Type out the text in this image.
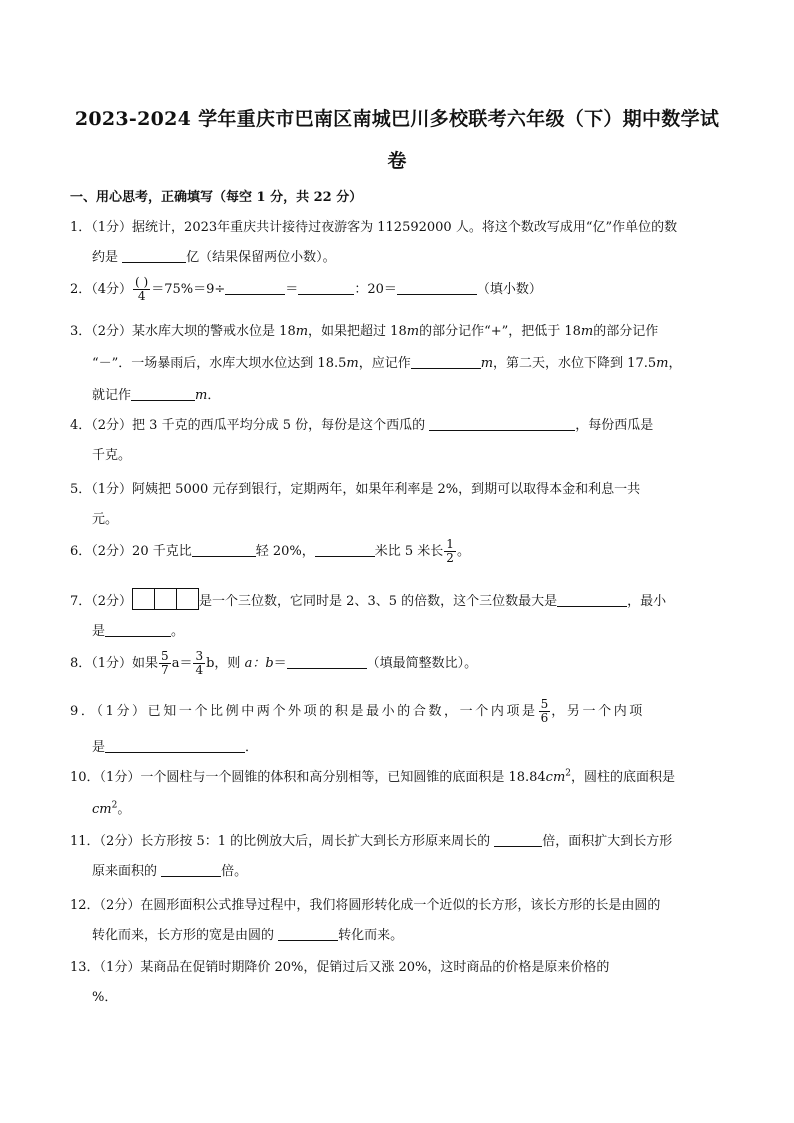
2023-2024 学年重庆市巴南区南城巴川多校联考六年级（下）期中数学试
卷
一、用心思考，正确填写（每空 1 分，共 22 分）
1．（1分）据统计，2023年重庆共计接待过夜游客为 112592000 人。将这个数改写成用“亿”作单位的数
约是	亿（结果保留两位小数）。
2．（4分） $\frac{( )}{4} =75\%=9\div$	＝	：20＝	（填小数）
3．（2分）某水库大坝的警戒水位是 18m，如果把超过 18m的部分记作“+”，把低于 18m的部分记作
“－”．一场暴雨后，水库大坝水位达到 18.5m，应记作	m，第二天，水位下降到 17.5m，
就记作	m．
4．（2分）把 3 千克的西瓜平均分成 5 份，每份是这个西瓜的	，每份西瓜是
千克。
5．（1分）阿姨把 5000 元存到银行，定期两年，如果年利率是 2%，到期可以取得本金和利息一共
元。
6．（2分）20 千克比	轻 20%，	米比 5 米长 $\frac{1}{2}$ 。
7．（2分）	是一个三位数，它同时是 2、3、5 的倍数，这个三位数最大是	，最小
是	。
8．（1分）如果 $\frac{5}{7} a= \frac{3}{4}$ b，则 a：b＝	（填最简整数比）。
9．（1分）已知一个比例中两个外项的积是最小的合数，一个内项是 $\frac{5}{6}$ ，另一个内项
是	．
10．（1分）一个圆柱与一个圆锥的体积和高分别相等，已知圆锥的底面积是 $18.84cm^2$，圆柱的底面积是
$cm^2$。
11．（2分）长方形按 5：1 的比例放大后，周长扩大到长方形原来周长的	倍，面积扩大到长方形
原来面积的	倍。
12．（2分）在圆形面积公式推导过程中，我们将圆形转化成一个近似的长方形，该长方形的长是由圆的
转化而来，长方形的宽是由圆的	转化而来。
13．（1分）某商品在促销时期降价 20%，促销过后又涨 20%，这时商品的价格是原来价格的
%．
